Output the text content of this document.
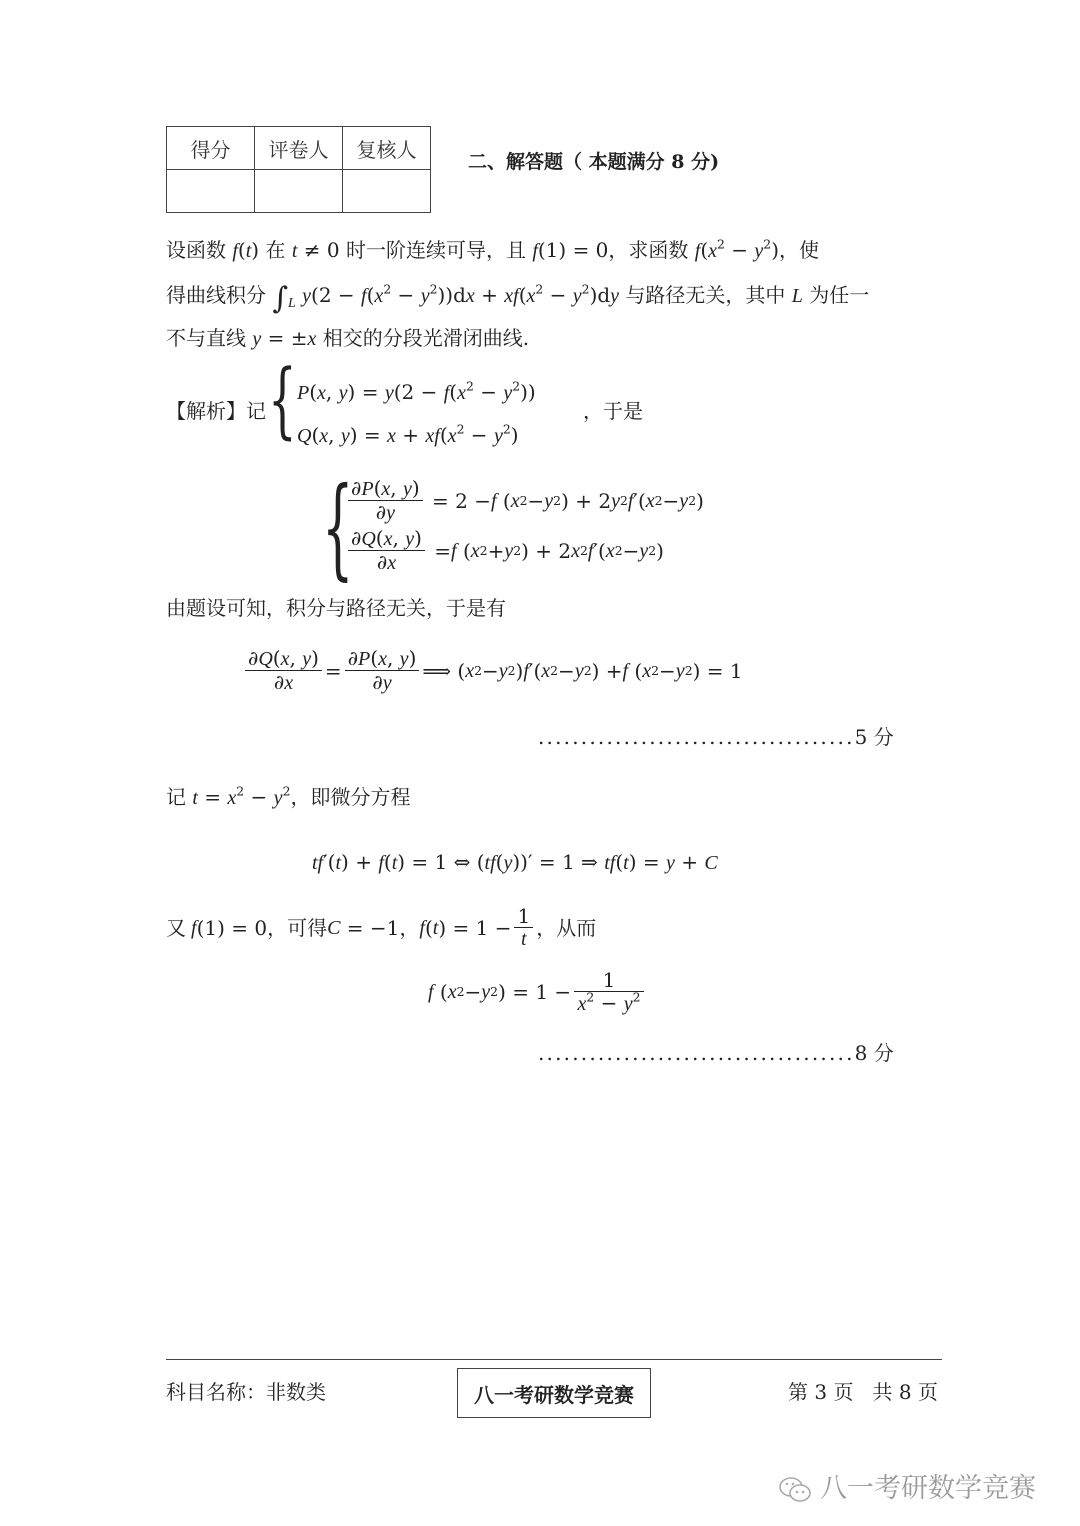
得分	评卷人	复核人

二、解答题（ 本题满分 8 分)
设函数 f(t) 在 t ≠ 0 时一阶连续可导，且 f(1) = 0，求函数 $f(x^2 - y^2)$，使
得曲线积分 $\int_L$ $y(2 - f(x^2 - y^2))dx + xf(x^2 - y^2)dy$ 与路径无关，其中 L 为任一
不与直线 y = ±x 相交的分段光滑闭曲线.
【解析】记 { P(x, $y) = y(2 - f(x^2 - y^2))$
Q(x, $y) = x + xf(x^2 - y^2)$
，于是
{
$\frac{\partial P(x, y)}{\partial y} = 2 - f$ ( x 2 − y 2 ) + 2 y 2 f ′( x 2 − y 2 )
$\frac{\partial Q(x, y)}{\partial x} = f$ ( x 2 + y 2 ) + 2 x 2 f ′( x 2 − y 2 )
由题设可知，积分与路径无关，于是有
$\frac{\partial Q(x, y)}{\partial x} = \frac{\partial P(x, y)}{\partial y}$ ⟹ ( x 2 − y 2 ) f ′( x 2 − y 2 ) + f ( x 2 − y 2 ) = 1
.....................................5 分
记 $t = x^2 - y^2$，即微分方程
tf′(t) + f(t) = 1 ⇔ (tf(y))′ = 1 ⇒ tf(t) = y + C
又 f (1) = 0，可得 C = −1， f ( t ) = $1 - \frac{1}{t}$ ，从而
f ( x 2 − y 2 ) = $1 - \frac{1}{x^2 - y^2}$
.....................................8 分
科目名称：非数类	八一考研数学竞赛	第 3 页   共 8 页
八一考研数学竞赛
